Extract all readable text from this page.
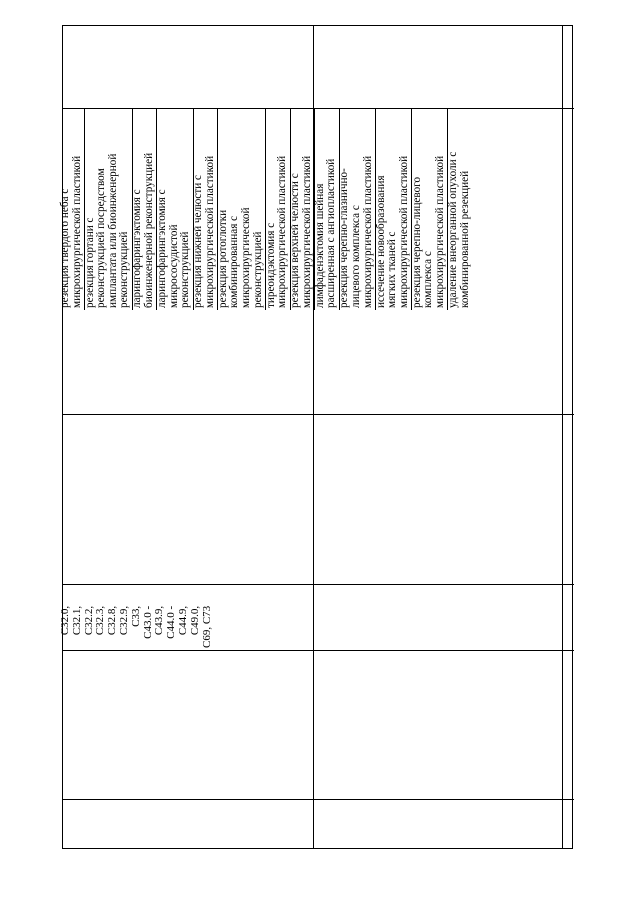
C32.0, C32.1, C32.2, C32.3, C32.8, C32.9, C33, C43.0 - C43.9, C44.0 - C44.9, C49.0, C69, C73
резекция твердого неба с микрохирургической пластикой резекция гортани с реконструкцией посредством имплантата или биоинженерной реконструкцией ларингофарингэктомия с биоинженерной реконструкцией ларингофарингэктомия с микрососудистой реконструкцией резекция нижней челюсти с микрохирургической пластикой резекция ротоглотки комбинированная с микрохирургической реконструкцией тиреоидэктомия с микрохирургической пластикой резекция верхней челюсти с микрохирургической пластикой лимфаденэктомия шейная расширенная с ангиопластикой резекция черепно-глазнично- лицевого комплекса с микрохирургической пластикой иссечение новообразования мягких тканей с микрохирургической пластикой резекция черепно-лицевого комплекса с микрохирургической пластикой удаление внеорганной опухоли с комбинированной резекцией
